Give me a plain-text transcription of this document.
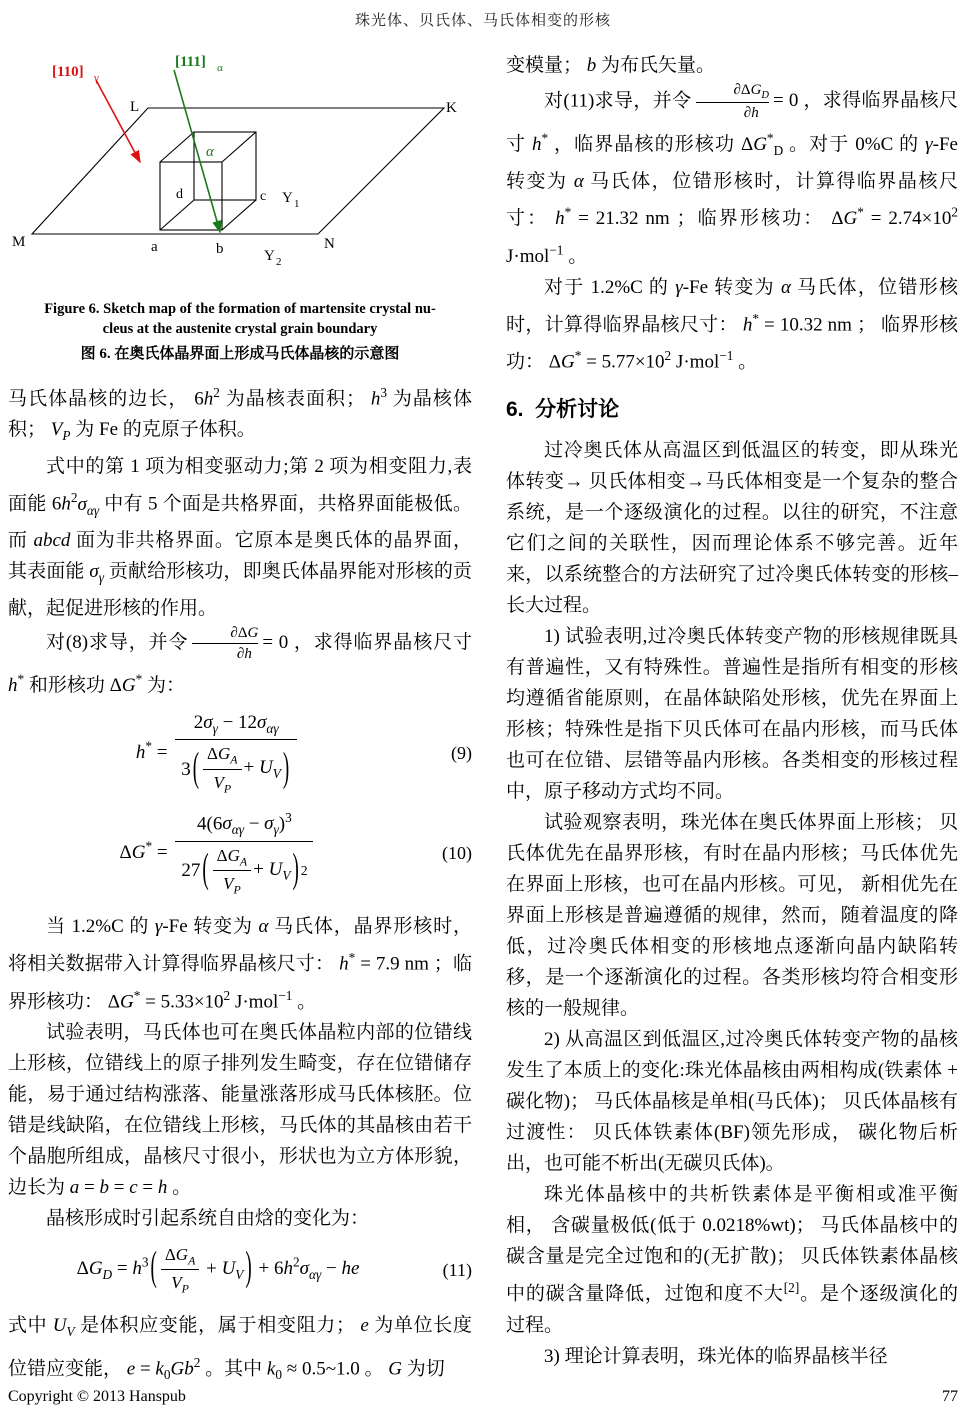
珠光体、贝氏体、马氏体相变的形核
[110] γ
[111] α
L	K
M	N
a	b
d	c
α
Y 1
Y 2
Figure 6. Sketch map of the formation of martensite crystal nu-
cleus at the austenite crystal grain boundary
图 6. 在奥氏体晶界面上形成马氏体晶核的示意图

马氏体晶核的边长， $6h^2$ 为晶核表面积； $h^3$ 为晶核体积； $V_P$ 为 Fe 的克原子体积。

式中的第 1 项为相变驱动力;第 2 项为相变阻力,表面能 $6h^2\sigma_{\alpha\gamma}$ 中有 5 个面是共格界面，共格界面能极低。而 abcd 面为非共格界面。它原本是奥氏体的晶界面，其表面能 $\sigma_\gamma$ 贡献给形核功，即奥氏体晶界能对形核的贡献，起促进形核的作用。

对(8)求导，并令 $\frac{\partial\Delta G}{\partial h} = 0$ ，求得临界晶核尺寸 h* 和形核功 ΔG* 为：

$h^* = \frac{2\sigma_\gamma - 12\sigma_{\alpha\gamma}}{3 ( \frac{\Delta G_A}{V_P} + U_V )}$	(9)
$\Delta G^* = \frac{4(6\sigma_{\alpha\gamma} - \sigma_\gamma)^3}{27 ( \frac{\Delta G_A}{V_P} + U_V ) 2}$	(10)

当 1.2%C 的 γ-Fe 转变为 α 马氏体，晶界形核时，将相关数据带入计算得临界晶核尺寸： h* = 7.9 nm ；临界形核功： $\Delta G^* = 5.33\times 10^2$ J·mol$^{-1}$ 。

试验表明，马氏体也可在奥氏体晶粒内部的位错线上形核，位错线上的原子排列发生畸变，存在位错储存能，易于通过结构涨落、能量涨落形成马氏体核胚。位错是线缺陷，在位错线上形核，马氏体的其晶核由若干个晶胞所组成，晶核尺寸很小，形状也为立方体形貌，边长为 a = b = c = h 。

晶核形成时引起系统自由焓的变化为：

$\Delta G_D = h^3$ ( $\frac{\Delta G_A}{V_P} + U_V$ ) + $6h^2\sigma_{\alpha\gamma}$ − he	(11)

式中 $U_V$ 是体积应变能，属于相变阻力； e 为单位长度位错应变能， $e = k_0Gb^2$ 。其中 $k_0$ ≈ 0.5~1.0 。 G 为切

变模量； b 为布氏矢量。

对(11)求导，并令 $\frac{\partial\Delta G_D}{\partial h} = 0$ ，求得临界晶核尺寸 h* ，临界晶核的形核功 $\Delta G^*_D$ 。对于 0%C 的 γ-Fe 转变为 α 马氏体，位错形核时，计算得临界晶核尺寸： h* = 21.32 nm ；临界形核功： $\Delta G^* = 2.74\times 10^2$ J·mol$^{-1}$ 。

对于 1.2%C 的 γ-Fe 转变为 α 马氏体，位错形核时，计算得临界晶核尺寸： h* = 10.32 nm ； 临界形核功： $\Delta G^* = 5.77\times 10^2$ J·mol$^{-1}$ 。

6.  分析讨论

过冷奥氏体从高温区到低温区的转变，即从珠光体转变→ 贝氏体相变→马氏体相变是一个复杂的整合系统，是一个逐级演化的过程。以往的研究，不注意它们之间的关联性，因而理论体系不够完善。近年来，以系统整合的方法研究了过冷奥氏体转变的形核–长大过程。

1) 试验表明,过冷奥氏体转变产物的形核规律既具有普遍性，又有特殊性。普遍性是指所有相变的形核均遵循省能原则，在晶体缺陷处形核，优先在界面上形核；特殊性是指下贝氏体可在晶内形核，而马氏体也可在位错、层错等晶内形核。各类相变的形核过程中，原子移动方式均不同。

试验观察表明，珠光体在奥氏体界面上形核； 贝氏体优先在晶界形核，有时在晶内形核；马氏体优先在界面上形核，也可在晶内形核。可见， 新相优先在界面上形核是普遍遵循的规律，然而，随着温度的降低，过冷奥氏体相变的形核地点逐渐向晶内缺陷转移，是一个逐渐演化的过程。各类形核均符合相变形核的一般规律。

2) 从高温区到低温区,过冷奥氏体转变产物的晶核发生了本质上的变化:珠光体晶核由两相构成(铁素体 + 碳化物)； 马氏体晶核是单相(马氏体)； 贝氏体晶核有过渡性： 贝氏体铁素体(BF)领先形成， 碳化物后析出，也可能不析出(无碳贝氏体)。

珠光体晶核中的共析铁素体是平衡相或准平衡相， 含碳量极低(低于 0.0218%wt)； 马氏体晶核中的碳含量是完全过饱和的(无扩散)； 贝氏体铁素体晶核中的碳含量降低，过饱和度不大[2]。是个逐级演化的过程。

3) 理论计算表明，珠光体的临界晶核半径

Copyright © 2013 Hanspub	77
